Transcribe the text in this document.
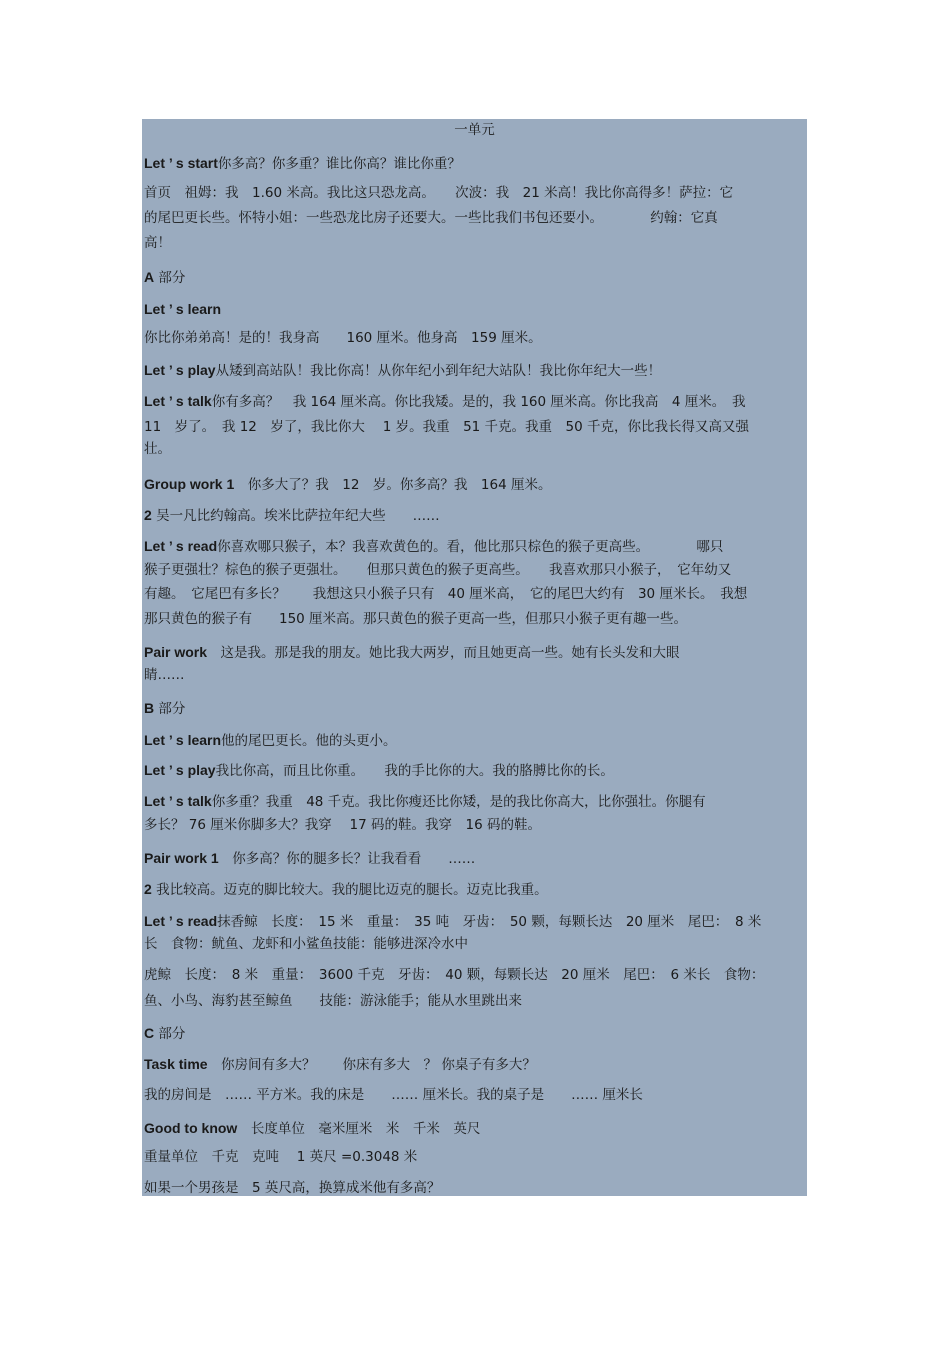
一单元
Let ’ s start你多高？你多重？谁比你高？谁比你重？
首页　祖姆：我　1.60 米高。我比这只恐龙高。　　次波：我　21 米高！我比你高得多！萨拉：它
的尾巴更长些。怀特小姐：一些恐龙比房子还要大。一些比我们书包还要小。　　　　约翰：它真
高！
A 部分
Let ’ s learn
你比你弟弟高！是的！我身高　　160 厘米。他身高　159 厘米。
Let ’ s play从矮到高站队！我比你高！从你年纪小到年纪大站队！我比你年纪大一些！
Let ’ s talk你有多高？　我 164 厘米高。你比我矮。是的，我 160 厘米高。你比我高　4 厘米。　我
11　岁了。　我 12　岁了，我比你大　 1 岁。我重　51 千克。我重　50 千克，你比我长得又高又强
壮。
Group work 1　你多大了？我　12　岁。你多高？我　164 厘米。
2 吴一凡比约翰高。埃米比萨拉年纪大些　　……
Let ’ s read你喜欢哪只猴子，本？我喜欢黄色的。看，他比那只棕色的猴子更高些。　　　　哪只
猴子更强壮？棕色的猴子更强壮。　　但那只黄色的猴子更高些。　　我喜欢那只小猴子，　它年幼又
有趣。　它尾巴有多长？　　我想这只小猴子只有　40 厘米高，　它的尾巴大约有　30 厘米长。　我想
那只黄色的猴子有　　150 厘米高。那只黄色的猴子更高一些，但那只小猴子更有趣一些。
Pair work　这是我。那是我的朋友。她比我大两岁，而且她更高一些。她有长头发和大眼
睛……
B 部分
Let ’ s learn他的尾巴更长。他的头更小。
Let ’ s play我比你高，而且比你重。　　我的手比你的大。我的胳膊比你的长。
Let ’ s talk你多重？我重　48 千克。我比你瘦还比你矮，是的我比你高大，比你强壮。你腿有
多长？ 76 厘米你脚多大？我穿　 17 码的鞋。我穿　16 码的鞋。
Pair work 1　你多高？你的腿多长？让我看看　　……
2 我比较高。迈克的脚比较大。我的腿比迈克的腿长。迈克比我重。
Let ’ s read抹香鲸　长度：　15 米　重量：　35 吨　牙齿：　50 颗，每颗长达　20 厘米　尾巴：　8 米
长　食物：鱿鱼、龙虾和小鲨鱼技能：能够进深冷水中
虎鲸　长度：　8 米　重量：　3600 千克　牙齿：　40 颗，每颗长达　20 厘米　尾巴：　6 米长　食物：
鱼、小鸟、海豹甚至鲸鱼　　技能：游泳能手；能从水里跳出来
C 部分
Task time　你房间有多大？　　你床有多大　？ 你桌子有多大？
我的房间是　…… 平方米。我的床是　　…… 厘米长。我的桌子是　　…… 厘米长
Good to know　长度单位　毫米厘米　米　千米　英尺
重量单位　千克　克吨　 1 英尺 =0.3048 米
如果一个男孩是　5 英尺高，换算成米他有多高？
